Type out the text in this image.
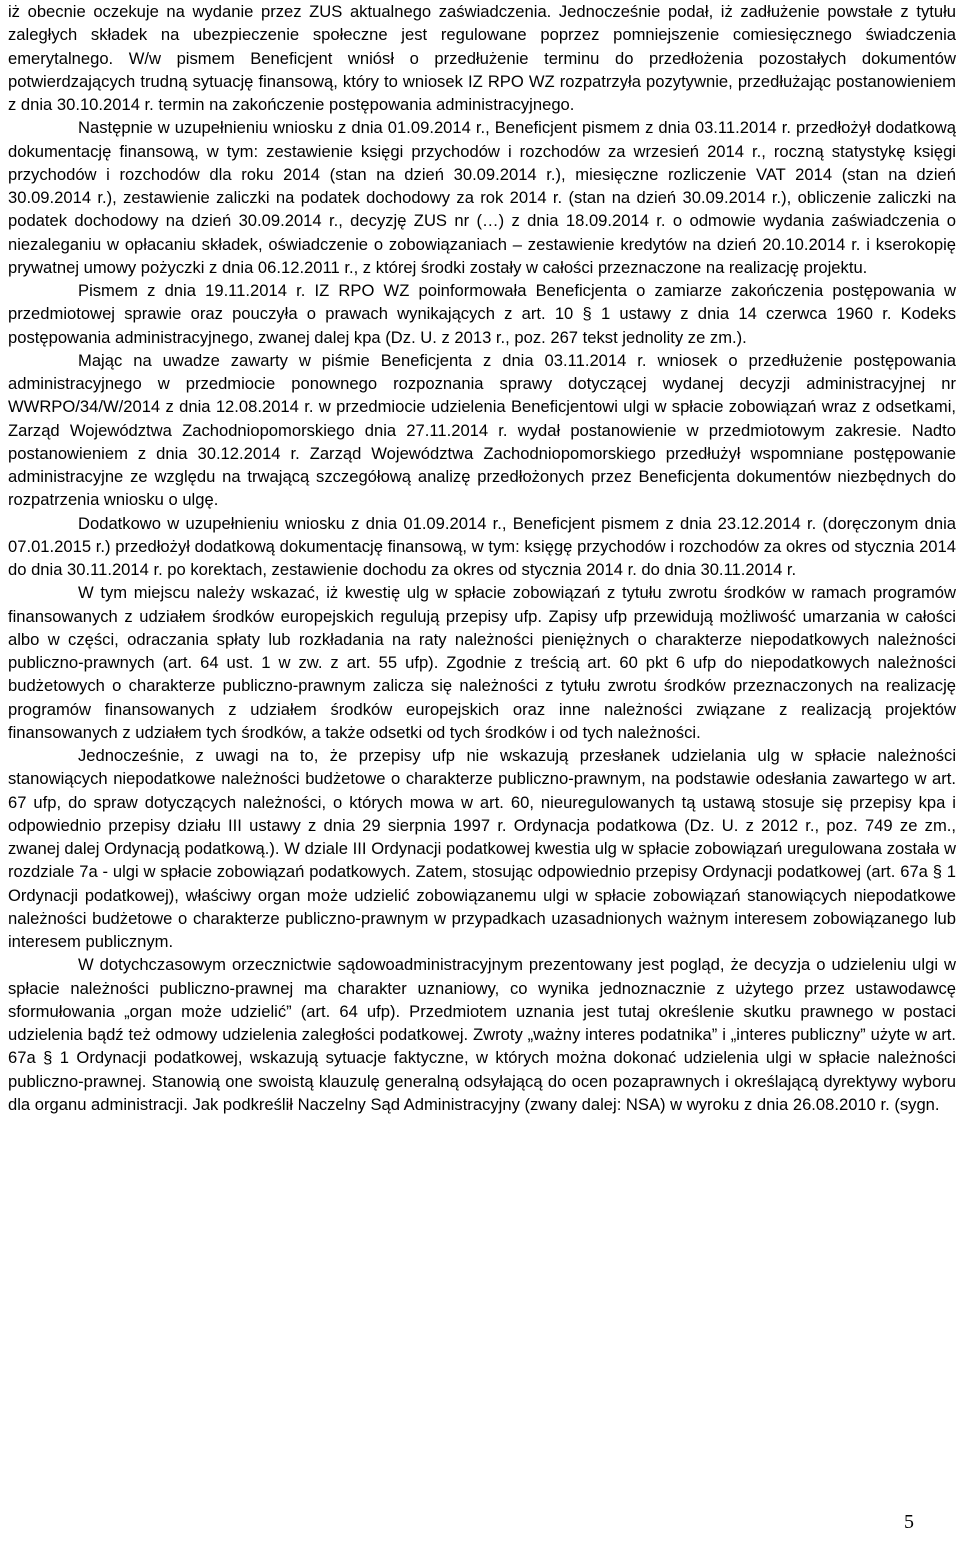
iż obecnie oczekuje na wydanie przez ZUS aktualnego zaświadczenia. Jednocześnie podał, iż zadłużenie powstałe z tytułu zaległych składek na ubezpieczenie społeczne jest regulowane poprzez pomniejszenie comiesięcznego świadczenia emerytalnego. W/w pismem Beneficjent wniósł o przedłużenie terminu do przedłożenia pozostałych dokumentów potwierdzających trudną sytuację finansową, który to wniosek IZ RPO WZ rozpatrzyła pozytywnie, przedłużając postanowieniem z dnia 30.10.2014 r. termin na zakończenie postępowania administracyjnego.

Następnie w uzupełnieniu wniosku z dnia 01.09.2014 r., Beneficjent pismem z dnia 03.11.2014 r. przedłożył dodatkową dokumentację finansową, w tym: zestawienie księgi przychodów i rozchodów za wrzesień 2014 r., roczną statystykę księgi przychodów i rozchodów dla roku 2014 (stan na dzień 30.09.2014 r.), miesięczne rozliczenie VAT 2014 (stan na dzień 30.09.2014 r.), zestawienie zaliczki na podatek dochodowy za rok 2014 r. (stan na dzień 30.09.2014 r.), obliczenie zaliczki na podatek dochodowy na dzień 30.09.2014 r., decyzję ZUS nr (…) z dnia 18.09.2014 r. o odmowie wydania zaświadczenia o niezaleganiu w opłacaniu składek, oświadczenie o zobowiązaniach – zestawienie kredytów na dzień 20.10.2014 r. i kserokopię prywatnej umowy pożyczki z dnia 06.12.2011 r., z której środki zostały w całości przeznaczone na realizację projektu.

Pismem z dnia 19.11.2014 r. IZ RPO WZ poinformowała Beneficjenta o zamiarze zakończenia postępowania w przedmiotowej sprawie oraz pouczyła o prawach wynikających z art. 10 § 1 ustawy z dnia 14 czerwca 1960 r. Kodeks postępowania administracyjnego, zwanej dalej kpa (Dz. U. z 2013 r., poz. 267 tekst jednolity ze zm.).

Mając na uwadze zawarty w piśmie Beneficjenta z dnia 03.11.2014 r. wniosek o przedłużenie postępowania administracyjnego w przedmiocie ponownego rozpoznania sprawy dotyczącej wydanej decyzji administracyjnej nr WWRPO/34/W/2014 z dnia 12.08.2014 r. w przedmiocie udzielenia Beneficjentowi ulgi w spłacie zobowiązań wraz z odsetkami, Zarząd Województwa Zachodniopomorskiego dnia 27.11.2014 r. wydał postanowienie w przedmiotowym zakresie. Nadto postanowieniem z dnia 30.12.2014 r. Zarząd Województwa Zachodniopomorskiego przedłużył wspomniane postępowanie administracyjne ze względu na trwającą szczegółową analizę przedłożonych przez Beneficjenta dokumentów niezbędnych do rozpatrzenia wniosku o ulgę.

Dodatkowo w uzupełnieniu wniosku z dnia 01.09.2014 r., Beneficjent pismem z dnia 23.12.2014 r. (doręczonym dnia 07.01.2015 r.) przedłożył dodatkową dokumentację finansową, w tym: księgę przychodów i rozchodów za okres od stycznia 2014 do dnia 30.11.2014 r. po korektach, zestawienie dochodu za okres od stycznia 2014 r. do dnia 30.11.2014 r.

W tym miejscu należy wskazać, iż kwestię ulg w spłacie zobowiązań z tytułu zwrotu środków w ramach programów finansowanych z udziałem środków europejskich regulują przepisy ufp. Zapisy ufp przewidują możliwość umarzania w całości albo w części, odraczania spłaty lub rozkładania na raty należności pieniężnych o charakterze niepodatkowych należności publiczno-prawnych (art. 64 ust. 1 w zw. z art. 55 ufp). Zgodnie z treścią art. 60 pkt 6 ufp do niepodatkowych należności budżetowych o charakterze publiczno-prawnym zalicza się należności z tytułu zwrotu środków przeznaczonych na realizację programów finansowanych z udziałem środków europejskich oraz inne należności związane z realizacją projektów finansowanych z udziałem tych środków, a także odsetki od tych środków i od tych należności.

Jednocześnie, z uwagi na to, że przepisy ufp nie wskazują przesłanek udzielania ulg w spłacie należności stanowiących niepodatkowe należności budżetowe o charakterze publiczno-prawnym, na podstawie odesłania zawartego w art. 67 ufp, do spraw dotyczących należności, o których mowa w art. 60, nieuregulowanych tą ustawą stosuje się przepisy kpa i odpowiednio przepisy działu III ustawy z dnia 29 sierpnia 1997 r. Ordynacja podatkowa (Dz. U. z 2012 r., poz. 749 ze zm., zwanej dalej Ordynacją podatkową.). W dziale III Ordynacji podatkowej kwestia ulg w spłacie zobowiązań uregulowana została w rozdziale 7a - ulgi w spłacie zobowiązań podatkowych. Zatem, stosując odpowiednio przepisy Ordynacji podatkowej (art. 67a § 1 Ordynacji podatkowej), właściwy organ może udzielić zobowiązanemu ulgi w spłacie zobowiązań stanowiących niepodatkowe należności budżetowe o charakterze publiczno-prawnym w przypadkach uzasadnionych ważnym interesem zobowiązanego lub interesem publicznym.

W dotychczasowym orzecznictwie sądowoadministracyjnym prezentowany jest pogląd, że decyzja o udzieleniu ulgi w spłacie należności publiczno-prawnej ma charakter uznaniowy, co wynika jednoznacznie z użytego przez ustawodawcę sformułowania „organ może udzielić” (art. 64 ufp). Przedmiotem uznania jest tutaj określenie skutku prawnego w postaci udzielenia bądź też odmowy udzielenia zaległości podatkowej. Zwroty „ważny interes podatnika” i „interes publiczny” użyte w art. 67a § 1 Ordynacji podatkowej, wskazują sytuacje faktyczne, w których można dokonać udzielenia ulgi w spłacie należności publiczno-prawnej. Stanowią one swoistą klauzulę generalną odsyłającą do ocen pozaprawnych i określającą dyrektywy wyboru dla organu administracji. Jak podkreślił Naczelny Sąd Administracyjny (zwany dalej: NSA) w wyroku z dnia 26.08.2010 r. (sygn.

5
